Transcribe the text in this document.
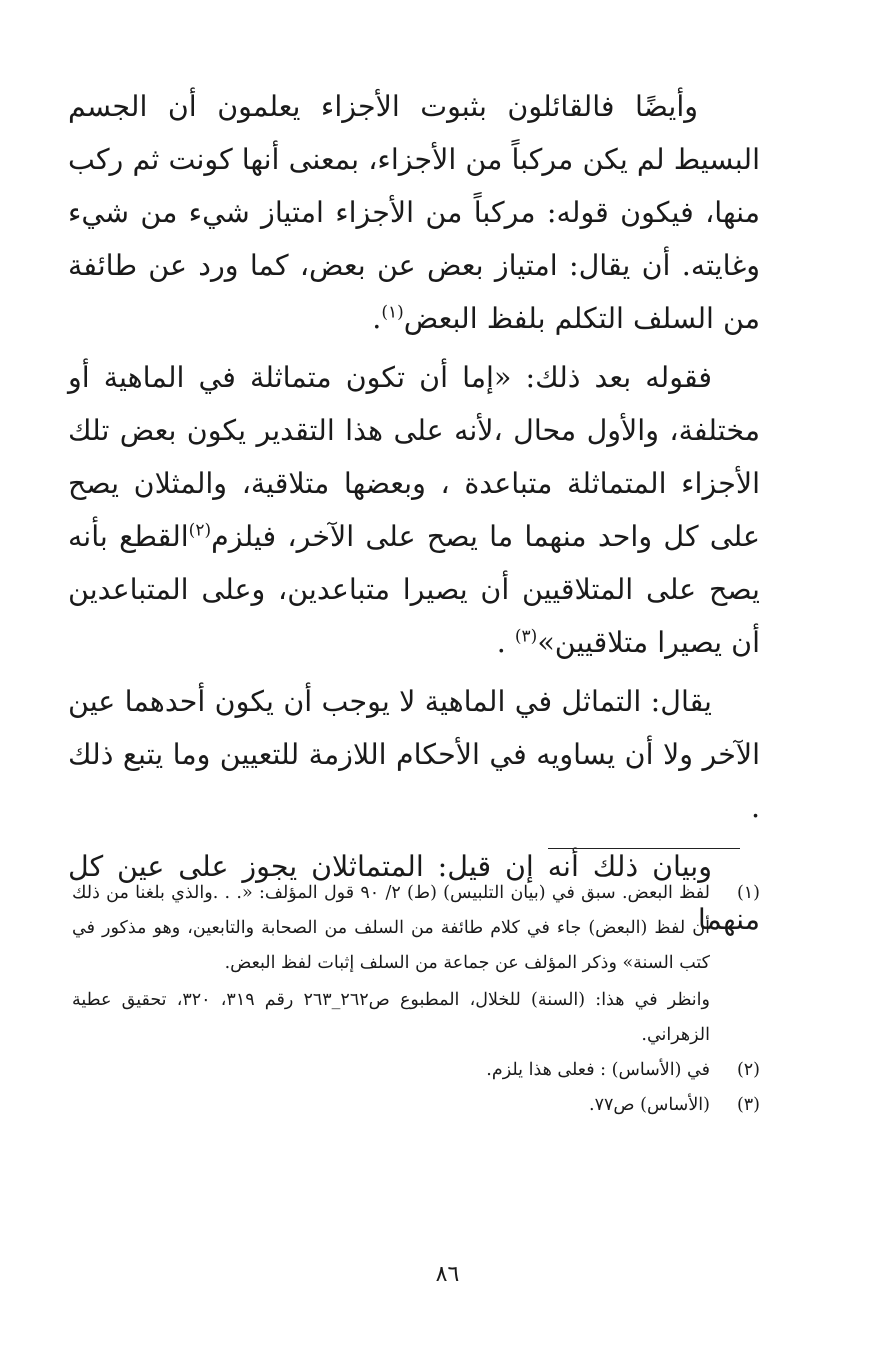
وأيضًا فالقائلون بثبوت الأجزاء يعلمون أن الجسم البسيط لم يكن مركباً من الأجزاء، بمعنى أنها كونت ثم ركب منها، فيكون قوله: مركباً من الأجزاء امتياز شيء من شيء وغايته. أن يقال: امتياز بعض عن بعض، كما ورد عن طائفة من السلف التكلم بلفظ البعض$^{(١)}$.

فقوله بعد ذلك: «إما أن تكون متماثلة في الماهية أو مختلفة، والأول محال ،لأنه على هذا التقدير يكون بعض تلك الأجزاء المتماثلة متباعدة ، وبعضها متلاقية، والمثلان يصح على كل واحد منهما ما يصح على الآخر، فيلزم$^{(٢)}$القطع بأنه يصح على المتلاقيين أن يصيرا متباعدين، وعلى المتباعدين أن يصيرا متلاقيين»$^{(٣)}$ .

يقال: التماثل في الماهية لا يوجب أن يكون أحدهما عين الآخر ولا أن يساويه في الأحكام اللازمة للتعيين وما يتبع ذلك .

وبيان ذلك أنه إن قيل: المتماثلان يجوز على عين كل منهما

(١)
لفظ البعض. سبق في (بيان التلبيس) (ط) ٢/ ٩٠ قول المؤلف: «. . .والذي بلغنا من ذلك أن لفظ (البعض) جاء في كلام طائفة من السلف من الصحابة والتابعين، وهو مذكور في كتب السنة» وذكر المؤلف عن جماعة من السلف إثبات لفظ البعض.
وانظر في هذا: (السنة) للخلال، المطبوع ص٢٦٢_٢٦٣ رقم ٣١٩، ٣٢٠، تحقيق عطية الزهراني.
(٢)
في (الأساس) : فعلى هذا يلزم.
(٣)
(الأساس) ص٧٧.
٨٦
